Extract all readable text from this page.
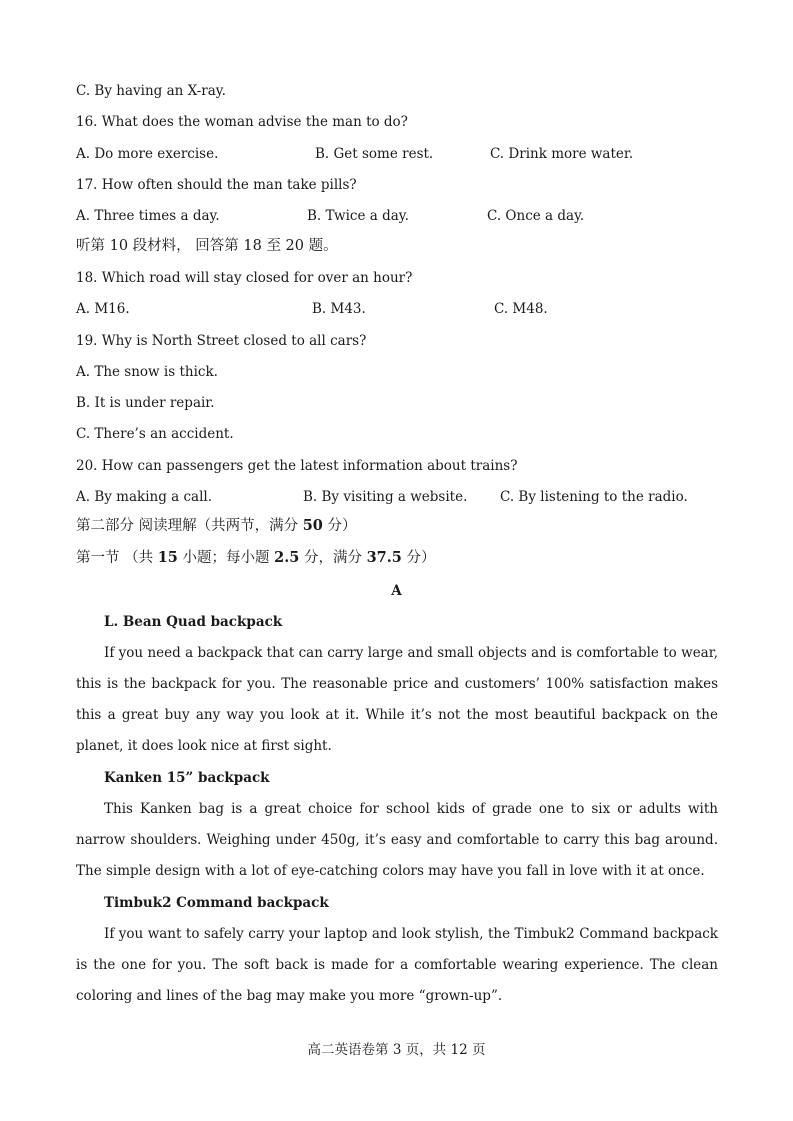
C. By having an X-ray.
16. What does the woman advise the man to do?
A. Do more exercise.	B. Get some rest.	C. Drink more water.
17. How often should the man take pills?
A. Three times a day.	B. Twice a day.	C. Once a day.
听第 10 段材料， 回答第 18 至 20 题。
18. Which road will stay closed for over an hour?
A. M16.	B. M43.	C. M48.
19. Why is North Street closed to all cars?
A. The snow is thick.
B. It is under repair.
C. There’s an accident.
20. How can passengers get the latest information about trains?
A. By making a call.	B. By visiting a website. C. By listening to the radio.
第二部分 阅读理解（共两节，满分 50 分）
第一节 （共 15 小题；每小题 2.5 分，满分 37.5 分）
A
L. Bean Quad backpack
If you need a backpack that can carry large and small objects and is comfortable to wear, this is the backpack for you. The reasonable price and customers’ 100% satisfaction makes this a great buy any way you look at it. While it’s not the most beautiful backpack on the planet, it does look nice at first sight.
Kanken 15” backpack
This Kanken bag is a great choice for school kids of grade one to six or adults with narrow shoulders. Weighing under 450g, it’s easy and comfortable to carry this bag around. The simple design with a lot of eye-catching colors may have you fall in love with it at once.
Timbuk2 Command backpack
If you want to safely carry your laptop and look stylish, the Timbuk2 Command backpack is the one for you. The soft back is made for a comfortable wearing experience. The clean coloring and lines of the bag may make you more “grown-up”.
高二英语卷第 3 页，共 12 页
